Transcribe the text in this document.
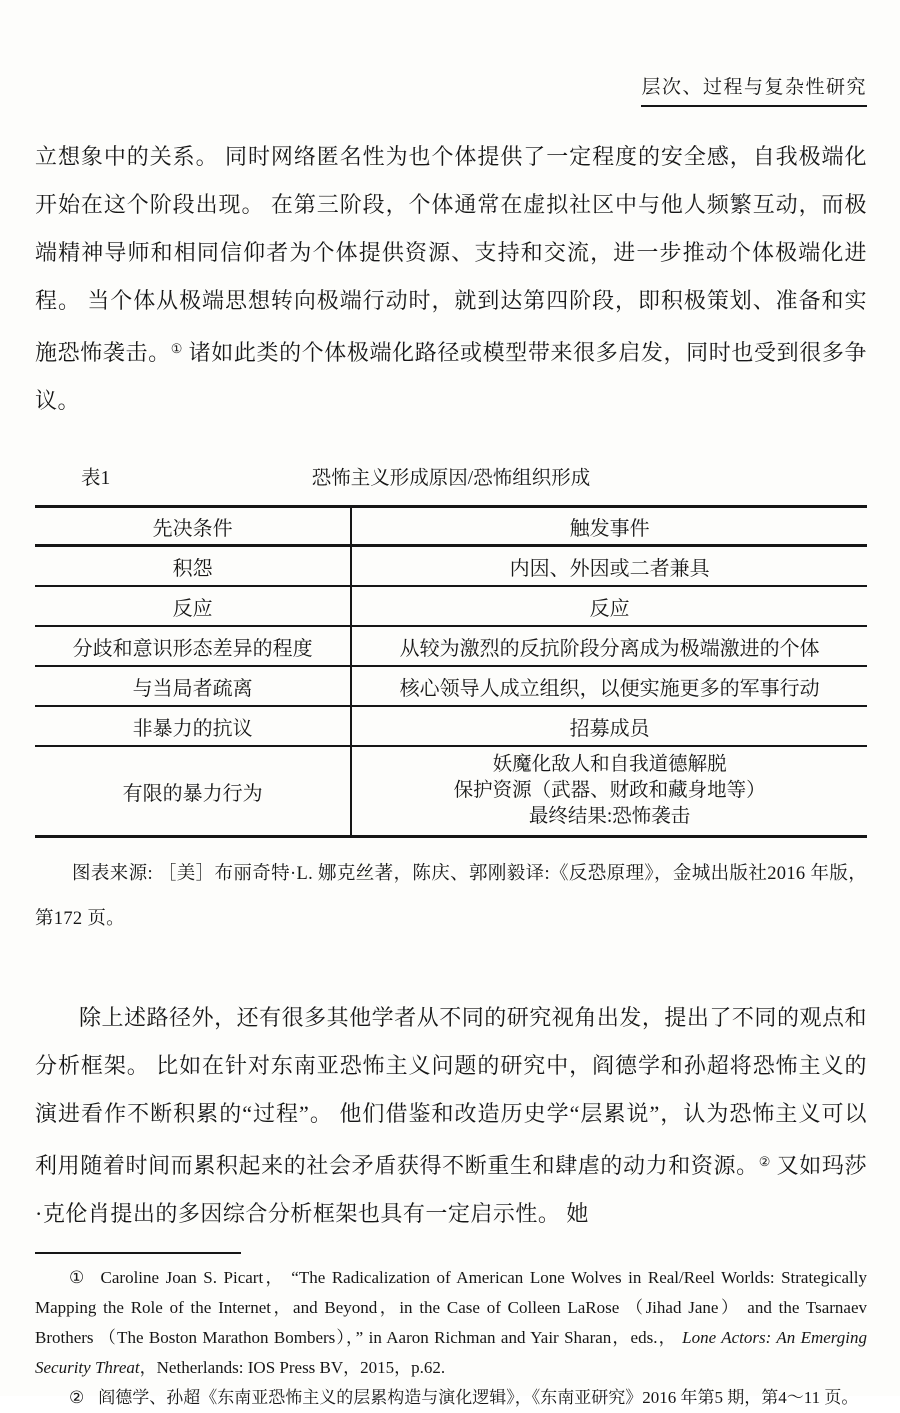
层次、过程与复杂性研究

立想象中的关系。 同时网络匿名性为也个体提供了一定程度的安全感，自我极端化开始在这个阶段出现。 在第三阶段，个体通常在虚拟社区中与他人频繁互动，而极端精神导师和相同信仰者为个体提供资源、支持和交流，进一步推动个体极端化进程。 当个体从极端思想转向极端行动时，就到达第四阶段，即积极策划、准备和实施恐怖袭击。① 诸如此类的个体极端化路径或模型带来很多启发，同时也受到很多争议。

表1	恐怖主义形成原因/恐怖组织形成
先决条件	触发事件
积怨	内因、外因或二者兼具
反应	反应
分歧和意识形态差异的程度	从较为激烈的反抗阶段分离成为极端激进的个体
与当局者疏离	核心领导人成立组织，以便实施更多的军事行动
非暴力的抗议	招募成员
有限的暴力行为	妖魔化敌人和自我道德解脱
保护资源（武器、财政和藏身地等）
最终结果:恐怖袭击

图表来源: ［美］布丽奇特·L. 娜克丝著，陈庆、郭刚毅译:《反恐原理》，金城出版社2016 年版，第172 页。

除上述路径外，还有很多其他学者从不同的研究视角出发，提出了不同的观点和分析框架。 比如在针对东南亚恐怖主义问题的研究中，阎德学和孙超将恐怖主义的演进看作不断积累的“过程”。 他们借鉴和改造历史学“层累说”，认为恐怖主义可以利用随着时间而累积起来的社会矛盾获得不断重生和肆虐的动力和资源。② 又如玛莎·克伦肖提出的多因综合分析框架也具有一定启示性。 她

① Caroline Joan S. Picart， “The Radicalization of American Lone Wolves in Real/Reel Worlds: Strategically Mapping the Role of the Internet，and Beyond，in the Case of Colleen LaRose （Jihad Jane） and the Tsarnaev Brothers （The Boston Marathon Bombers），” in Aaron Richman and Yair Sharan，eds.， Lone Actors: An Emerging Security Threat，Netherlands: IOS Press BV，2015，p.62.

② 阎德学、孙超《东南亚恐怖主义的层累构造与演化逻辑》，《东南亚研究》2016 年第5 期，第4～11 页。
